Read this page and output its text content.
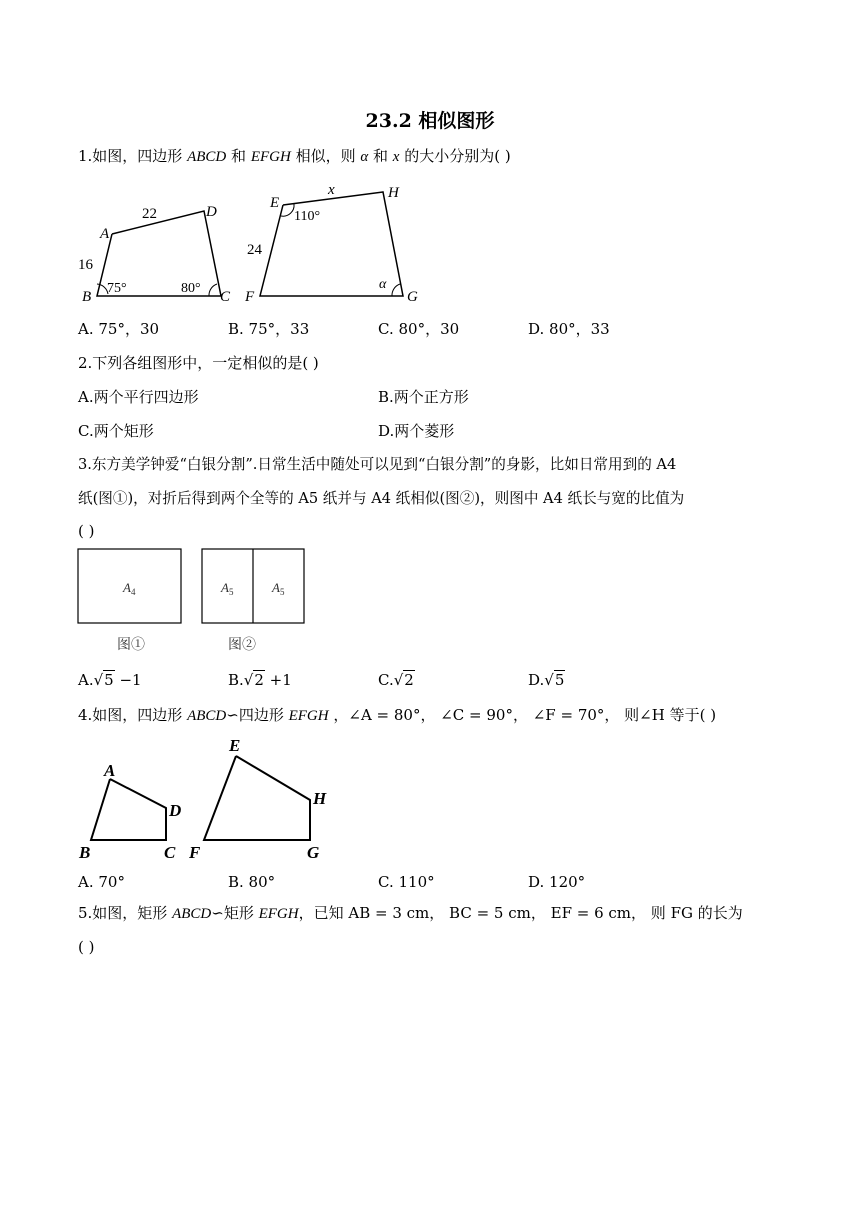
23.2 相似图形
1.如图，四边形 ABCD 和 EFGH 相似，则 α 和 x 的大小分别为( )
A
B	C
D
22
16
75°	80°
E
F	G
H
x
24
110°
α
A. 75°，30	B. 75°，33	C. 80°，30	D. 80°，33
2.下列各组图形中，一定相似的是( )
A.两个平行四边形	B.两个正方形
C.两个矩形	D.两个菱形
3.东方美学钟爱“白银分割”.日常生活中随处可以见到“白银分割”的身影，比如日常用到的 A4
纸(图①)，对折后得到两个全等的 A5 纸并与 A4 纸相似(图②)，则图中 A4 纸长与宽的比值为
( )
$A_4$	$A_5$	$A_5$
图①	图②
A.√5 −1	B.√2 +1	C.√2	D.√5
4.如图，四边形 ABCD∽四边形 EFGH ，∠A = 80°， ∠C = 90°， ∠F = 70°， 则∠H 等于( )
A
B	C
D
E
F	G
H
A. 70°	B. 80°	C. 110°	D. 120°
5.如图，矩形 ABCD∽矩形 EFGH，已知 AB = 3 cm， BC = 5 cm， EF = 6 cm， 则 FG 的长为
( )
